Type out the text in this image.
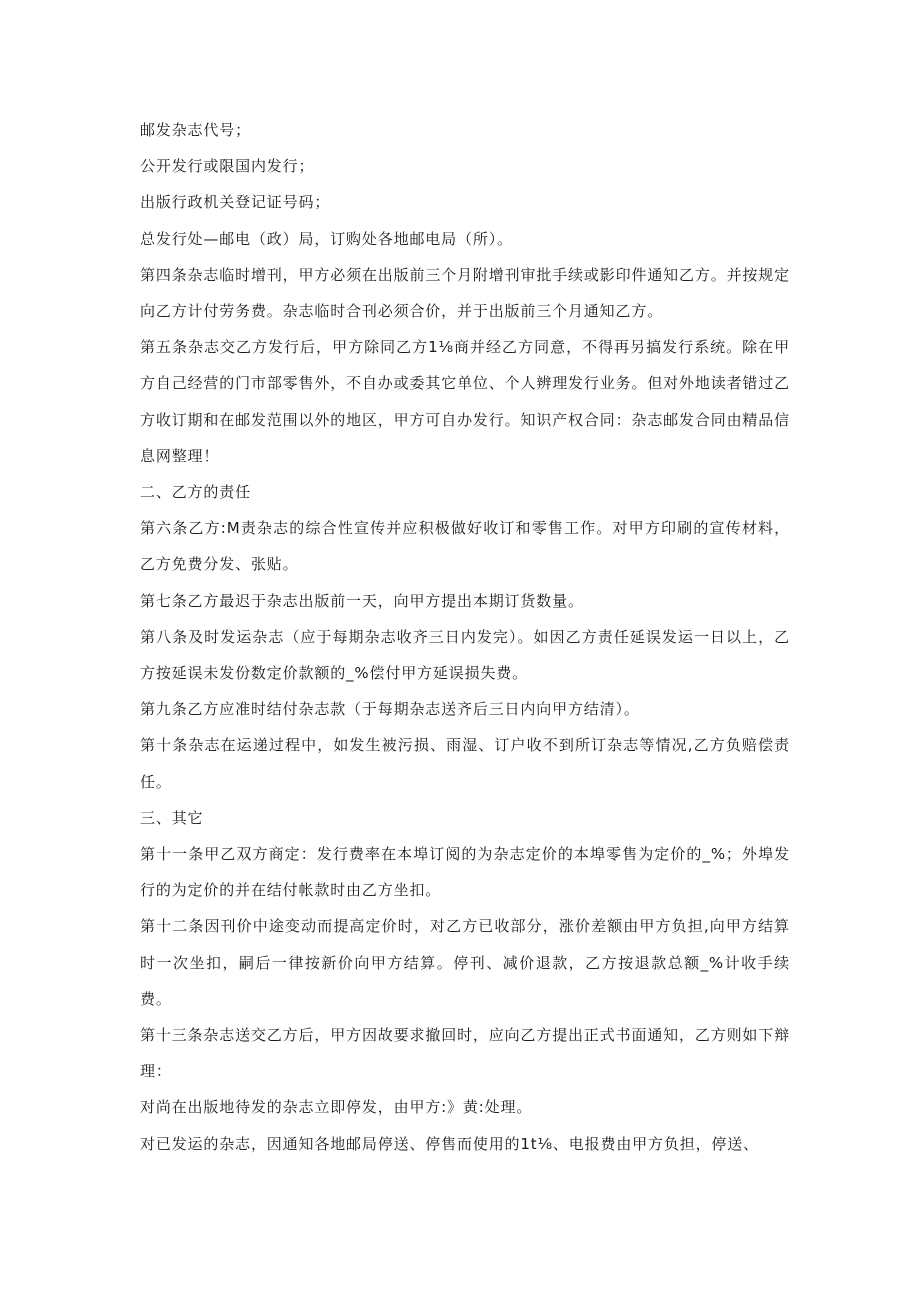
邮发杂志代号；

公开发行或限国内发行；

出版行政机关登记证号码；

总发行处—邮电（政）局，订购处各地邮电局（所）。

第四条杂志临时增刊，甲方必须在出版前三个月附增刊审批手续或影印件通知乙方。并按规定向乙方计付劳务费。杂志临时合刊必须合价，并于出版前三个月通知乙方。

第五条杂志交乙方发行后，甲方除同乙方1⅛商并经乙方同意，不得再另搞发行系统。除在甲方自己经营的门市部零售外，不自办或委其它单位、个人辨理发行业务。但对外地读者错过乙方收订期和在邮发范围以外的地区，甲方可自办发行。知识产权合同：杂志邮发合同由精品信息网整理！

二、乙方的责任

第六条乙方:M责杂志的综合性宣传并应积极做好收订和零售工作。对甲方印刷的宣传材料，乙方免费分发、张贴。

第七条乙方最迟于杂志出版前一天，向甲方提出本期订货数量。

第八条及时发运杂志（应于每期杂志收齐三日内发完）。如因乙方责任延误发运一日以上，乙方按延误未发份数定价款额的_%偿付甲方延误损失费。

第九条乙方应准时结付杂志款（于每期杂志送齐后三日内向甲方结清）。

第十条杂志在运递过程中，如发生被污损、雨湿、订户收不到所订杂志等情况,乙方负赔偿责任。

三、其它

第十一条甲乙双方商定：发行费率在本埠订阅的为杂志定价的本埠零售为定价的_%；外埠发行的为定价的并在结付帐款时由乙方坐扣。

第十二条因刊价中途变动而提高定价时，对乙方已收部分，涨价差额由甲方负担,向甲方结算时一次坐扣，嗣后一律按新价向甲方结算。停刊、减价退款，乙方按退款总额_%计收手续费。

第十三条杂志送交乙方后，甲方因故要求撤回时，应向乙方提出正式书面通知，乙方则如下辩理：

对尚在出版地待发的杂志立即停发，由甲方:》黄:处理。

对已发运的杂志，因通知各地邮局停送、停售而使用的1t⅛、电报费由甲方负担，停送、
